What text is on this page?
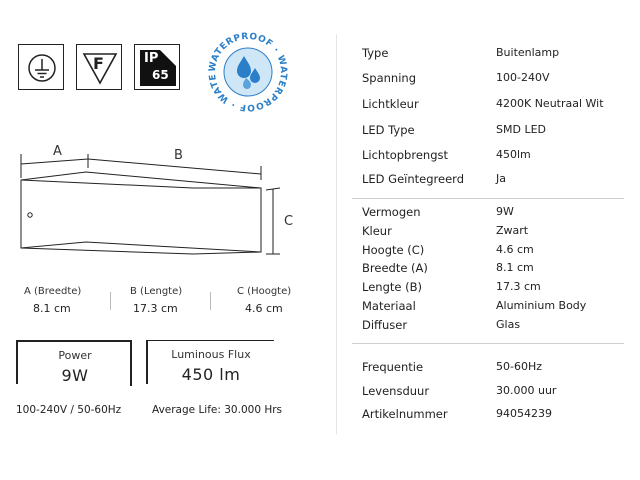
F	IP
65
WATERPROOF · WATERPROOF · WATE
A	B
C
A (Breedte)
8.1 cm
B (Lengte)
17.3 cm
C (Hoogte)
4.6 cm
Power
9W
Luminous Flux
450 lm
100-240V / 50-60Hz	Average Life: 30.000 Hrs
Type	Buitenlamp
Spanning	100-240V
Lichtkleur	4200K Neutraal Wit
LED Type	SMD LED
Lichtopbrengst	450lm
LED Geïntegreerd	Ja
Vermogen	9W
Kleur	Zwart
Hoogte (C)	4.6 cm
Breedte (A)	8.1 cm
Lengte (B)	17.3 cm
Materiaal	Aluminium Body
Diffuser	Glas
Frequentie	50-60Hz
Levensduur	30.000 uur
Artikelnummer	94054239
